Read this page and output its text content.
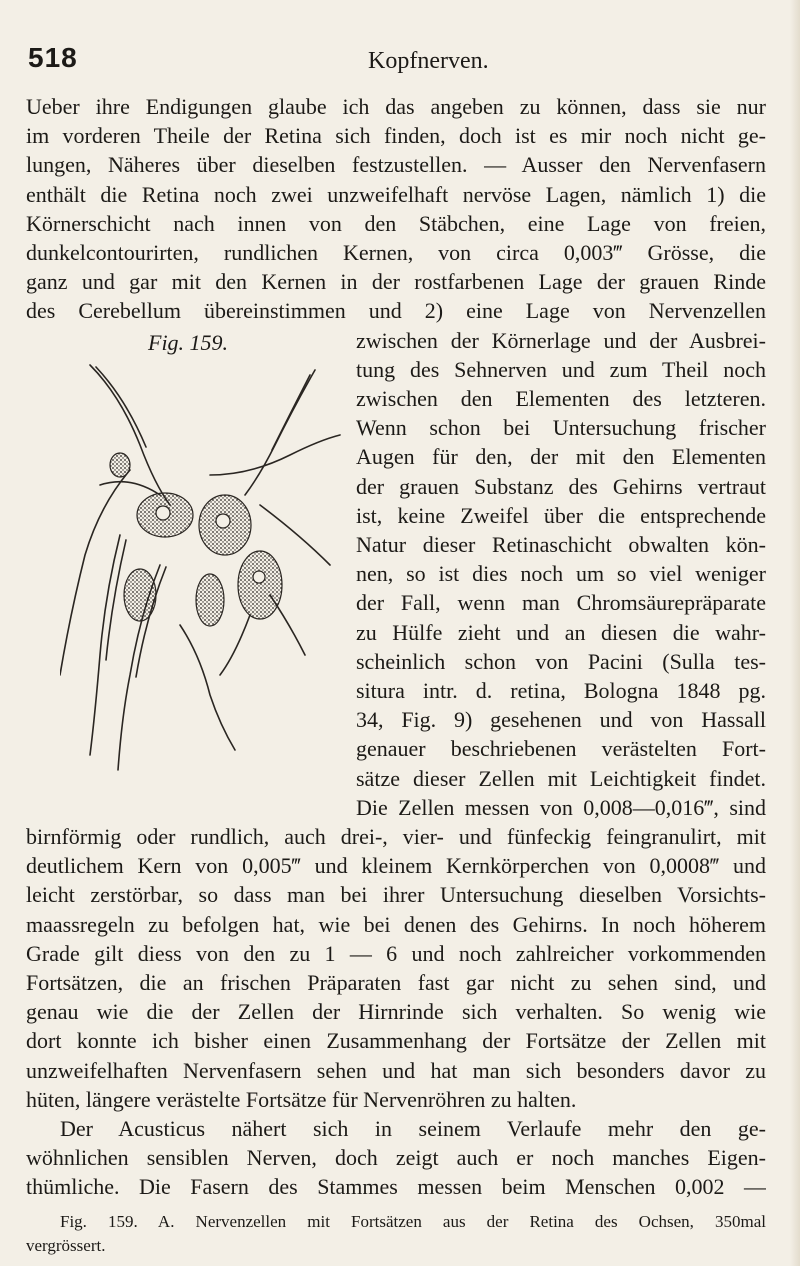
518	Kopfnerven.
Ueber ihre Endigungen glaube ich das angeben zu können, dass sie nur
im vorderen Theile der Retina sich finden, doch ist es mir noch nicht ge-
lungen, Näheres über dieselben festzustellen. — Ausser den Nervenfasern
enthält die Retina noch zwei unzweifelhaft nervöse Lagen, nämlich 1) die
Körnerschicht nach innen von den Stäbchen, eine Lage von freien,
dunkelcontourirten, rundlichen Kernen, von circa 0,003‴ Grösse, die
ganz und gar mit den Kernen in der rostfarbenen Lage der grauen Rinde
des Cerebellum übereinstimmen und 2) eine Lage von Nervenzellen
Fig. 159.	zwischen der Körnerlage und der Ausbrei-
tung des Sehnerven und zum Theil noch
zwischen den Elementen des letzteren.
Wenn schon bei Untersuchung frischer
Augen für den, der mit den Elementen
der grauen Substanz des Gehirns vertraut
ist, keine Zweifel über die entsprechende
Natur dieser Retinaschicht obwalten kön-
nen, so ist dies noch um so viel weniger
der Fall, wenn man Chromsäurepräparate
zu Hülfe zieht und an diesen die wahr-
scheinlich schon von Pacini (Sulla tes-
situra intr. d. retina, Bologna 1848 pg.
34, Fig. 9) gesehenen und von Hassall
genauer beschriebenen verästelten Fort-
sätze dieser Zellen mit Leichtigkeit findet.
Die Zellen messen von 0,008—0,016‴, sind
birnförmig oder rundlich, auch drei-, vier- und fünfeckig feingranulirt, mit
deutlichem Kern von 0,005‴ und kleinem Kernkörperchen von 0,0008‴ und
leicht zerstörbar, so dass man bei ihrer Untersuchung dieselben Vorsichts-
maassregeln zu befolgen hat, wie bei denen des Gehirns. In noch höherem
Grade gilt diess von den zu 1 — 6 und noch zahlreicher vorkommenden
Fortsätzen, die an frischen Präparaten fast gar nicht zu sehen sind, und
genau wie die der Zellen der Hirnrinde sich verhalten. So wenig wie
dort konnte ich bisher einen Zusammenhang der Fortsätze der Zellen mit
unzweifelhaften Nervenfasern sehen und hat man sich besonders davor zu
hüten, längere verästelte Fortsätze für Nervenröhren zu halten.
Der Acusticus nähert sich in seinem Verlaufe mehr den ge-
wöhnlichen sensiblen Nerven, doch zeigt auch er noch manches Eigen-
thümliche. Die Fasern des Stammes messen beim Menschen 0,002 —
Fig. 159. A. Nervenzellen mit Fortsätzen aus der Retina des Ochsen, 350mal
vergrössert.
